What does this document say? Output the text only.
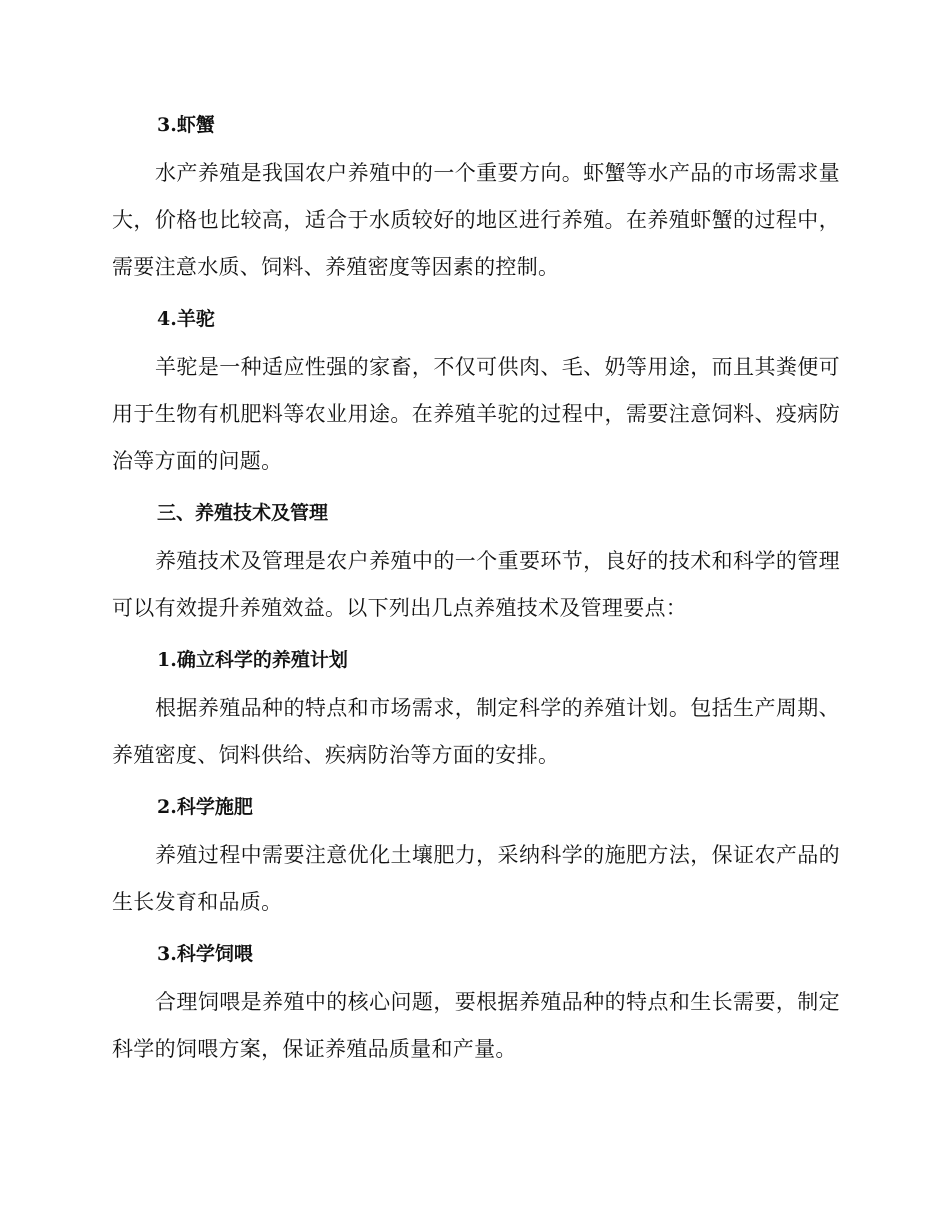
3.虾蟹

水产养殖是我国农户养殖中的一个重要方向。虾蟹等水产品的市场需求量大，价格也比较高，适合于水质较好的地区进行养殖。在养殖虾蟹的过程中，需要注意水质、饲料、养殖密度等因素的控制。

4.羊驼

羊驼是一种适应性强的家畜，不仅可供肉、毛、奶等用途，而且其粪便可用于生物有机肥料等农业用途。在养殖羊驼的过程中，需要注意饲料、疫病防治等方面的问题。

三、养殖技术及管理

养殖技术及管理是农户养殖中的一个重要环节，良好的技术和科学的管理可以有效提升养殖效益。以下列出几点养殖技术及管理要点：

1.确立科学的养殖计划

根据养殖品种的特点和市场需求，制定科学的养殖计划。包括生产周期、养殖密度、饲料供给、疾病防治等方面的安排。

2.科学施肥

养殖过程中需要注意优化土壤肥力，采纳科学的施肥方法，保证农产品的生长发育和品质。

3.科学饲喂

合理饲喂是养殖中的核心问题，要根据养殖品种的特点和生长需要，制定科学的饲喂方案，保证养殖品质量和产量。
